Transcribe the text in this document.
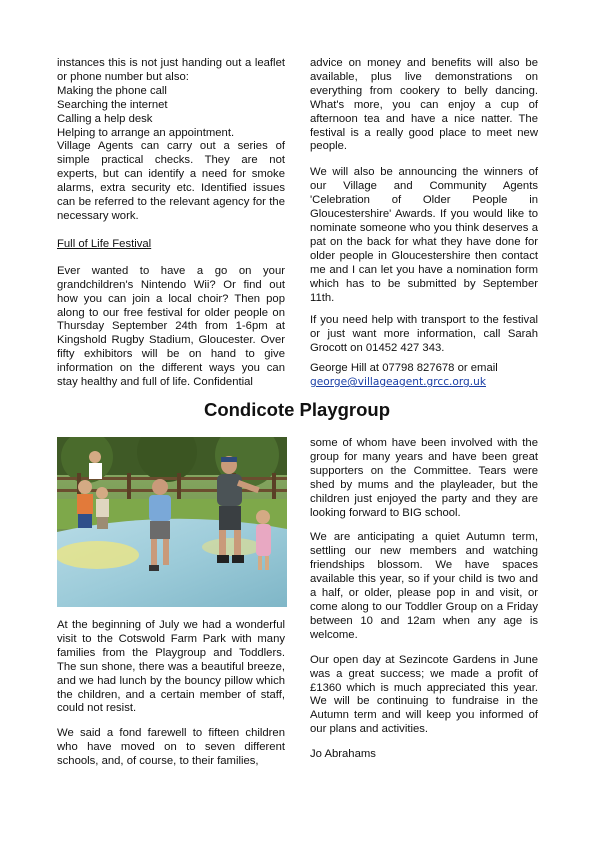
instances this is not just handing out a leaflet or phone number but also:

Making the phone call
Searching the internet
Calling a help desk
Helping to arrange an appointment.

Village Agents can carry out a series of simple practical checks. They are not experts, but can identify a need for smoke alarms, extra security etc. Identified issues can be referred to the relevant agency for the necessary work.

Full of Life Festival

Ever wanted to have a go on your grandchildren's Nintendo Wii? Or find out how you can join a local choir? Then pop along to our free festival for older people on Thursday September 24th from 1-6pm at Kingshold Rugby Stadium, Gloucester. Over fifty exhibitors will be on hand to give information on the different ways you can stay healthy and full of life. Confidential

advice on money and benefits will also be available, plus live demonstrations on everything from cookery to belly dancing. What's more, you can enjoy a cup of afternoon tea and have a nice natter. The festival is a really good place to meet new people.

We will also be announcing the winners of our Village and Community Agents 'Celebration of Older People in Gloucestershire' Awards. If you would like to nominate someone who you think deserves a pat on the back for what they have done for older people in Gloucestershire then contact me and I can let you have a nomination form which has to be submitted by September 11th.

If you need help with transport to the festival or just want more information, call Sarah Grocott on 01452 427 343.

George Hill at 07798 827678 or email

george@villageagent.grcc.org.uk
Condicote Playgroup

At the beginning of July we had a wonderful visit to the Cotswold Farm Park with many families from the Playgroup and Toddlers. The sun shone, there was a beautiful breeze, and we had lunch by the bouncy pillow which the children, and a certain member of staff, could not resist.

We said a fond farewell to fifteen children who have moved on to seven different schools, and, of course, to their families,

some of whom have been involved with the group for many years and have been great supporters on the Committee. Tears were shed by mums and the playleader, but the children just enjoyed the party and they are looking forward to BIG school.

We are anticipating a quiet Autumn term, settling our new members and watching friendships blossom. We have spaces available this year, so if your child is two and a half, or older, please pop in and visit, or come along to our Toddler Group on a Friday between 10 and 12am when any age is welcome.

Our open day at Sezincote Gardens in June was a great success; we made a profit of £1360 which is much appreciated this year. We will be continuing to fundraise in the Autumn term and will keep you informed of our plans and activities.

Jo Abrahams
